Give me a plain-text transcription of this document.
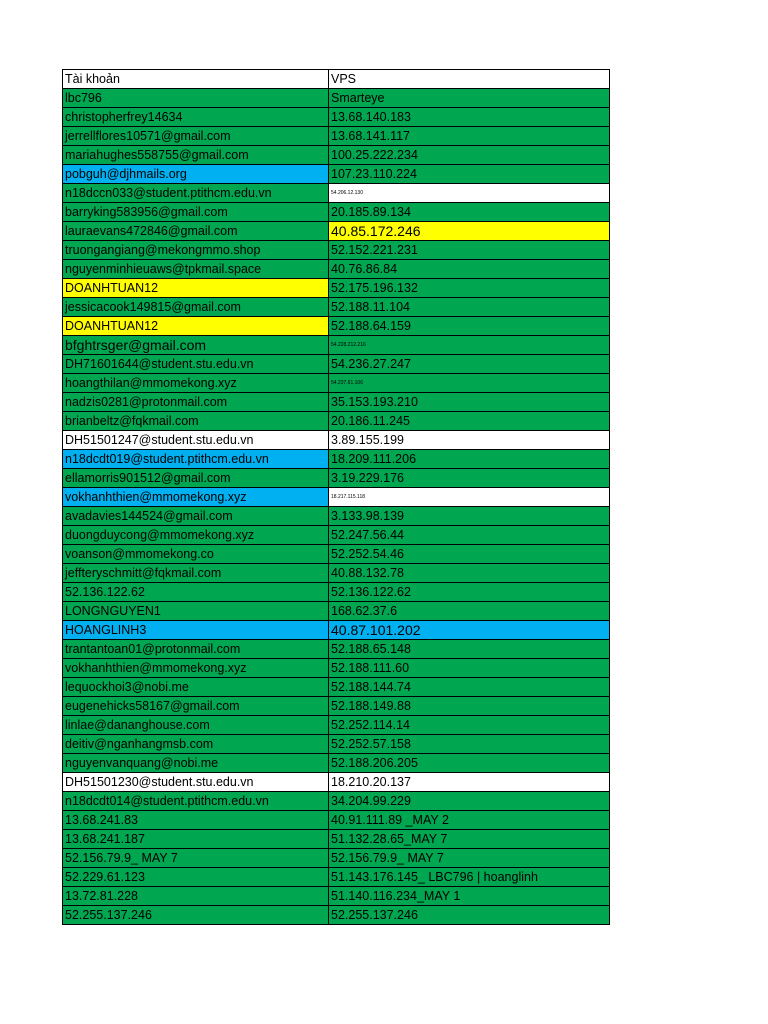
Tài khoản	VPS
lbc796	Smarteye
christopherfrey14634	13.68.140.183
jerrellflores10571@gmail.com	13.68.141.117
mariahughes558755@gmail.com	100.25.222.234
pobguh@djhmails.org	107.23.110.224
n18dccn033@student.ptithcm.edu.vn	54.206.12.130
barryking583956@gmail.com	20.185.89.134
lauraevans472846@gmail.com	40.85.172.246
truongangiang@mekongmmo.shop	52.152.221.231
nguyenminhieuaws@tpkmail.space	40.76.86.84
DOANHTUAN12	52.175.196.132
jessicacook149815@gmail.com	52.188.11.104
DOANHTUAN12	52.188.64.159
bfghtrsger@gmail.com	54.228.212.216
DH71601644@student.stu.edu.vn	54.236.27.247
hoangthilan@mmomekong.xyz	54.237.61.106
nadzis0281@protonmail.com	35.153.193.210
brianbeltz@fqkmail.com	20.186.11.245
DH51501247@student.stu.edu.vn	3.89.155.199
n18dcdt019@student.ptithcm.edu.vn	18.209.111.206
ellamorris901512@gmail.com	3.19.229.176
vokhanhthien@mmomekong.xyz	18.217.115.118
avadavies144524@gmail.com	3.133.98.139
duongduycong@mmomekong.xyz	52.247.56.44
voanson@mmomekong.co	52.252.54.46
jeffteryschmitt@fqkmail.com	40.88.132.78
52.136.122.62	52.136.122.62
LONGNGUYEN1	168.62.37.6
HOANGLINH3	40.87.101.202
trantantoan01@protonmail.com	52.188.65.148
vokhanhthien@mmomekong.xyz	52.188.111.60
lequockhoi3@nobi.me	52.188.144.74
eugenehicks58167@gmail.com	52.188.149.88
linlae@dananghouse.com	52.252.114.14
deitiv@nganhangmsb.com	52.252.57.158
nguyenvanquang@nobi.me	52.188.206.205
DH51501230@student.stu.edu.vn	18.210.20.137
n18dcdt014@student.ptithcm.edu.vn	34.204.99.229
13.68.241.83	40.91.111.89 _MAY 2
13.68.241.187	51.132.28.65_MAY 7
52.156.79.9_ MAY 7	52.156.79.9_ MAY 7
52.229.61.123	51.143.176.145_ LBC796 | hoanglinh
13.72.81.228	51.140.116.234_MAY 1
52.255.137.246	52.255.137.246
